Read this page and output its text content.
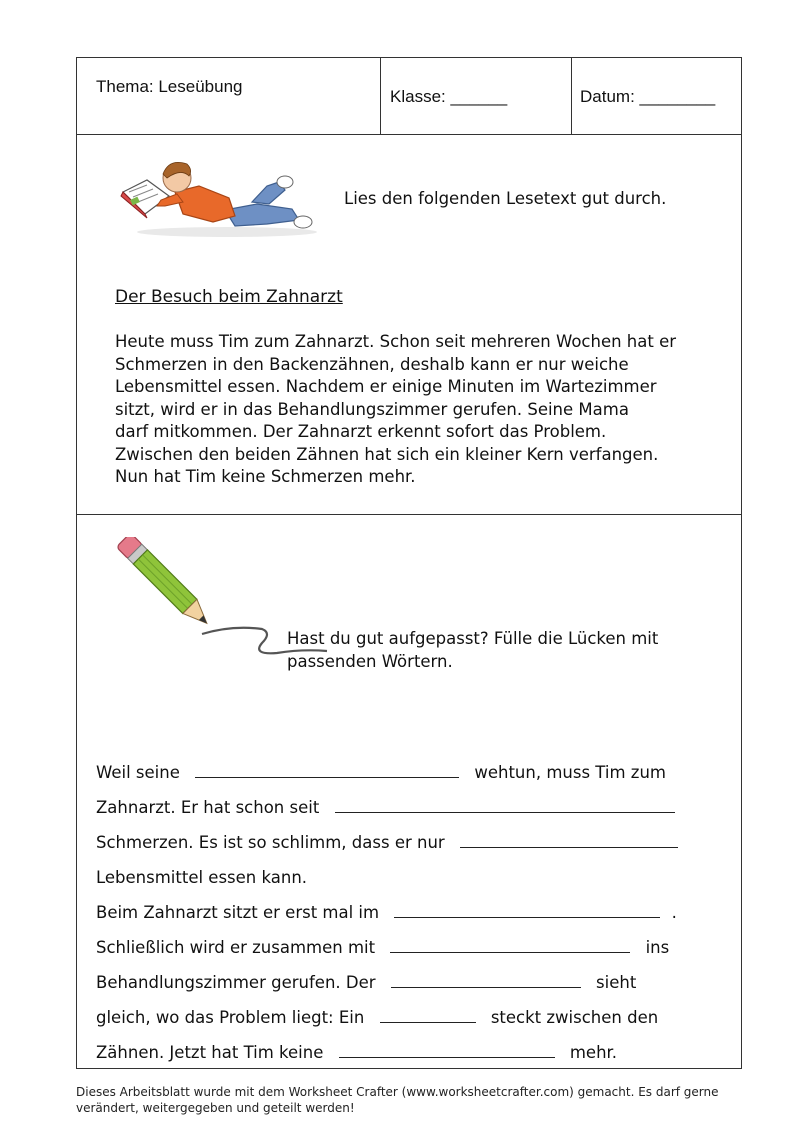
Thema: Leseübung
Klasse: ______	Datum: ________
Lies den folgenden Lesetext gut durch.
Der Besuch beim Zahnarzt
Heute muss Tim zum Zahnarzt. Schon seit mehreren Wochen hat er
Schmerzen in den Backenzähnen, deshalb kann er nur weiche
Lebensmittel essen. Nachdem er einige Minuten im Wartezimmer
sitzt, wird er in das Behandlungszimmer gerufen. Seine Mama
darf mitkommen. Der Zahnarzt erkennt sofort das Problem.
Zwischen den beiden Zähnen hat sich ein kleiner Kern verfangen.
Nun hat Tim keine Schmerzen mehr.
Hast du gut aufgepasst? Fülle die Lücken mit
passenden Wörtern.
Weil seine	wehtun, muss Tim zum
Zahnarzt. Er hat schon seit
Schmerzen. Es ist so schlimm, dass er nur
Lebensmittel essen kann.
Beim Zahnarzt sitzt er erst mal im	.
Schließlich wird er zusammen mit	ins
Behandlungszimmer gerufen. Der	sieht
gleich, wo das Problem liegt: Ein	steckt zwischen den
Zähnen. Jetzt hat Tim keine	mehr.
Dieses Arbeitsblatt wurde mit dem Worksheet Crafter (www.worksheetcrafter.com) gemacht. Es darf gerne
verändert, weitergegeben und geteilt werden!
